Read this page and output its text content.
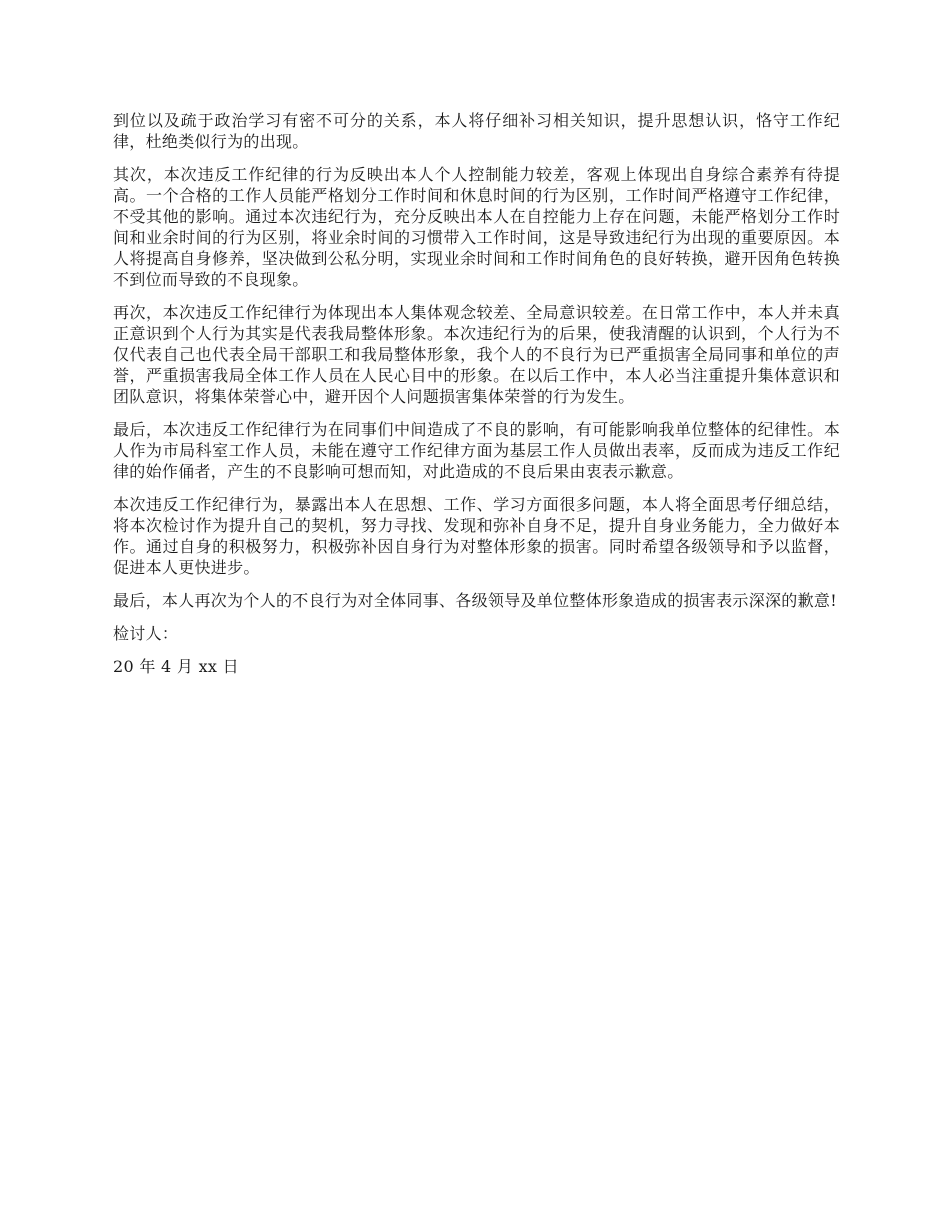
到位以及疏于政治学习有密不可分的关系，本人将仔细补习相关知识，提升思想认识，恪守工作纪律，杜绝类似行为的出现。

其次，本次违反工作纪律的行为反映出本人个人控制能力较差，客观上体现出自身综合素养有待提高。一个合格的工作人员能严格划分工作时间和休息时间的行为区别，工作时间严格遵守工作纪律，不受其他的影响。通过本次违纪行为，充分反映出本人在自控能力上存在问题，未能严格划分工作时间和业余时间的行为区别，将业余时间的习惯带入工作时间，这是导致违纪行为出现的重要原因。本人将提高自身修养，坚决做到公私分明，实现业余时间和工作时间角色的良好转换，避开因角色转换不到位而导致的不良现象。

再次，本次违反工作纪律行为体现出本人集体观念较差、全局意识较差。在日常工作中，本人并未真正意识到个人行为其实是代表我局整体形象。本次违纪行为的后果，使我清醒的认识到，个人行为不仅代表自己也代表全局干部职工和我局整体形象，我个人的不良行为已严重损害全局同事和单位的声誉，严重损害我局全体工作人员在人民心目中的形象。在以后工作中，本人必当注重提升集体意识和团队意识，将集体荣誉心中，避开因个人问题损害集体荣誉的行为发生。

最后，本次违反工作纪律行为在同事们中间造成了不良的影响，有可能影响我单位整体的纪律性。本人作为市局科室工作人员，未能在遵守工作纪律方面为基层工作人员做出表率，反而成为违反工作纪律的始作俑者，产生的不良影响可想而知，对此造成的不良后果由衷表示歉意。

本次违反工作纪律行为，暴露出本人在思想、工作、学习方面很多问题，本人将全面思考仔细总结，将本次检讨作为提升自己的契机，努力寻找、发现和弥补自身不足，提升自身业务能力，全力做好本作。通过自身的积极努力，积极弥补因自身行为对整体形象的损害。同时希望各级领导和予以监督，促进本人更快进步。

最后，本人再次为个人的不良行为对全体同事、各级领导及单位整体形象造成的损害表示深深的歉意!

检讨人：

20 年 4 月 xx 日
